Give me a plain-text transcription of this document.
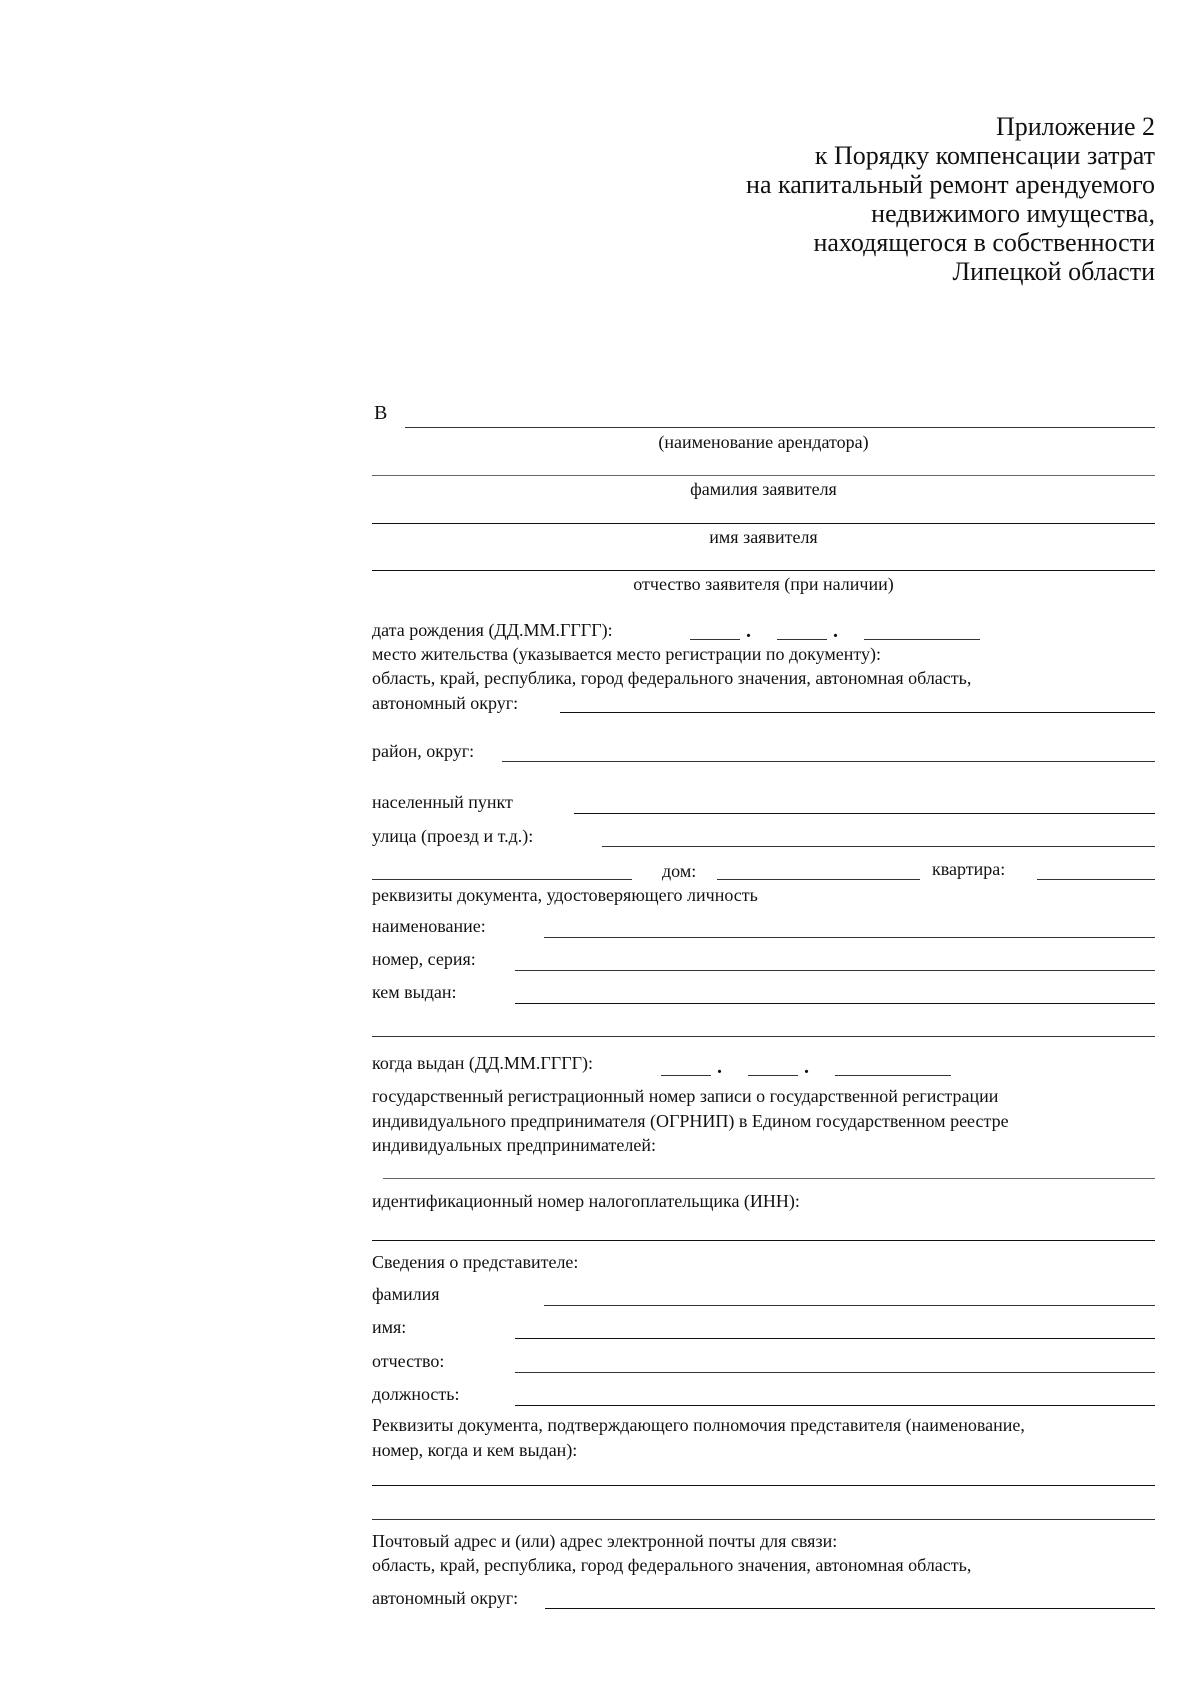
Приложение 2
к Порядку компенсации затрат
на капитальный ремонт арендуемого
недвижимого имущества,
находящегося в собственности
Липецкой области
В
(наименование арендатора)
фамилия заявителя
имя заявителя
отчество заявителя (при наличии)
дата рождения (ДД.ММ.ГГГГ):	.	.
место жительства (указывается место регистрации по документу):
область, край, республика, город федерального значения, автономная область,
автономный округ:
район, округ:
населенный пункт
улица (проезд и т.д.):
дом:	квартира:
реквизиты документа, удостоверяющего личность
наименование:
номер, серия:
кем выдан:
когда выдан (ДД.ММ.ГГГГ):	.	.
государственный регистрационный номер записи о государственной регистрации
индивидуального предпринимателя (ОГРНИП) в Едином государственном реестре
индивидуальных предпринимателей:
идентификационный номер налогоплательщика (ИНН):
Сведения о представителе:
фамилия
имя:
отчество:
должность:
Реквизиты документа, подтверждающего полномочия представителя (наименование,
номер, когда и кем выдан):
Почтовый адрес и (или) адрес электронной почты для связи:
область, край, республика, город федерального значения, автономная область,
автономный округ:
